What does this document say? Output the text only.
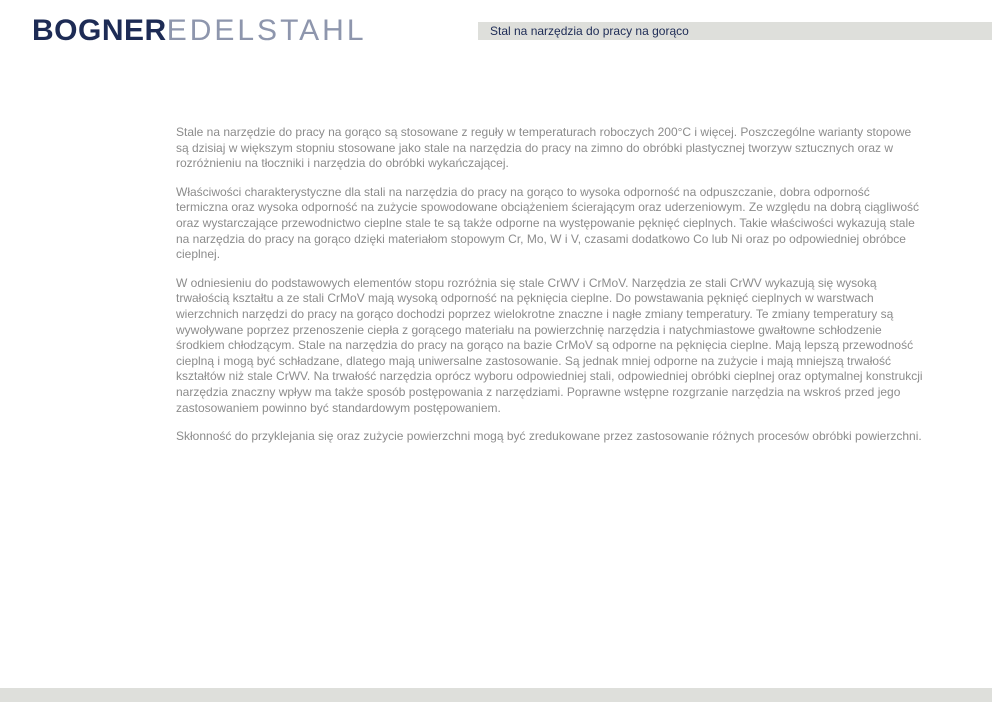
BOGNER EDELSTAHL	Stal na narzędzia do pracy na gorąco

Stale na narzędzie do pracy na gorąco są stosowane z reguły w temperaturach roboczych 200°C i więcej. Poszczególne warianty stopowe są dzisiaj w większym stopniu stosowane jako stale na narzędzia do pracy na zimno do obróbki plastycznej tworzyw sztucznych oraz w rozróżnieniu na tłoczniki i narzędzia do obróbki wykańczającej.

Właściwości charakterystyczne dla stali na narzędzia do pracy na gorąco to wysoka odporność na odpuszczanie, dobra odporność termiczna oraz wysoka odporność na zużycie spowodowane obciążeniem ścierającym oraz uderzeniowym. Ze względu na dobrą ciągliwość oraz wystarczające przewodnictwo cieplne stale te są także odporne na występowanie pęknięć cieplnych. Takie właściwości wykazują stale na narzędzia do pracy na gorąco dzięki materiałom stopowym Cr, Mo, W i V, czasami dodatkowo Co lub Ni oraz po odpowiedniej obróbce cieplnej.

W odniesieniu do podstawowych elementów stopu rozróżnia się stale CrWV i CrMoV. Narzędzia ze stali CrWV wykazują się wysoką trwałością kształtu a ze stali CrMoV mają wysoką odporność na pęknięcia cieplne. Do powstawania pęknięć cieplnych w warstwach wierzchnich narzędzi do pracy na gorąco dochodzi poprzez wielokrotne znaczne i nagłe zmiany temperatury. Te zmiany temperatury są wywoływane poprzez przenoszenie ciepła z gorącego materiału na powierzchnię narzędzia i natychmiastowe gwałtowne schłodzenie środkiem chłodzącym. Stale na narzędzia do pracy na gorąco na bazie CrMoV są odporne na pęknięcia cieplne. Mają lepszą przewodność cieplną i mogą być schładzane, dlatego mają uniwersalne zastosowanie. Są jednak mniej odporne na zużycie i mają mniejszą trwałość kształtów niż stale CrWV. Na trwałość narzędzia oprócz wyboru odpowiedniej stali, odpowiedniej obróbki cieplnej oraz optymalnej konstrukcji narzędzia znaczny wpływ ma także sposób postępowania z narzędziami. Poprawne wstępne rozgrzanie narzędzia na wskroś przed jego zastosowaniem powinno być standardowym postępowaniem.

Skłonność do przyklejania się oraz zużycie powierzchni mogą być zredukowane przez zastosowanie różnych procesów obróbki powierzchni.
